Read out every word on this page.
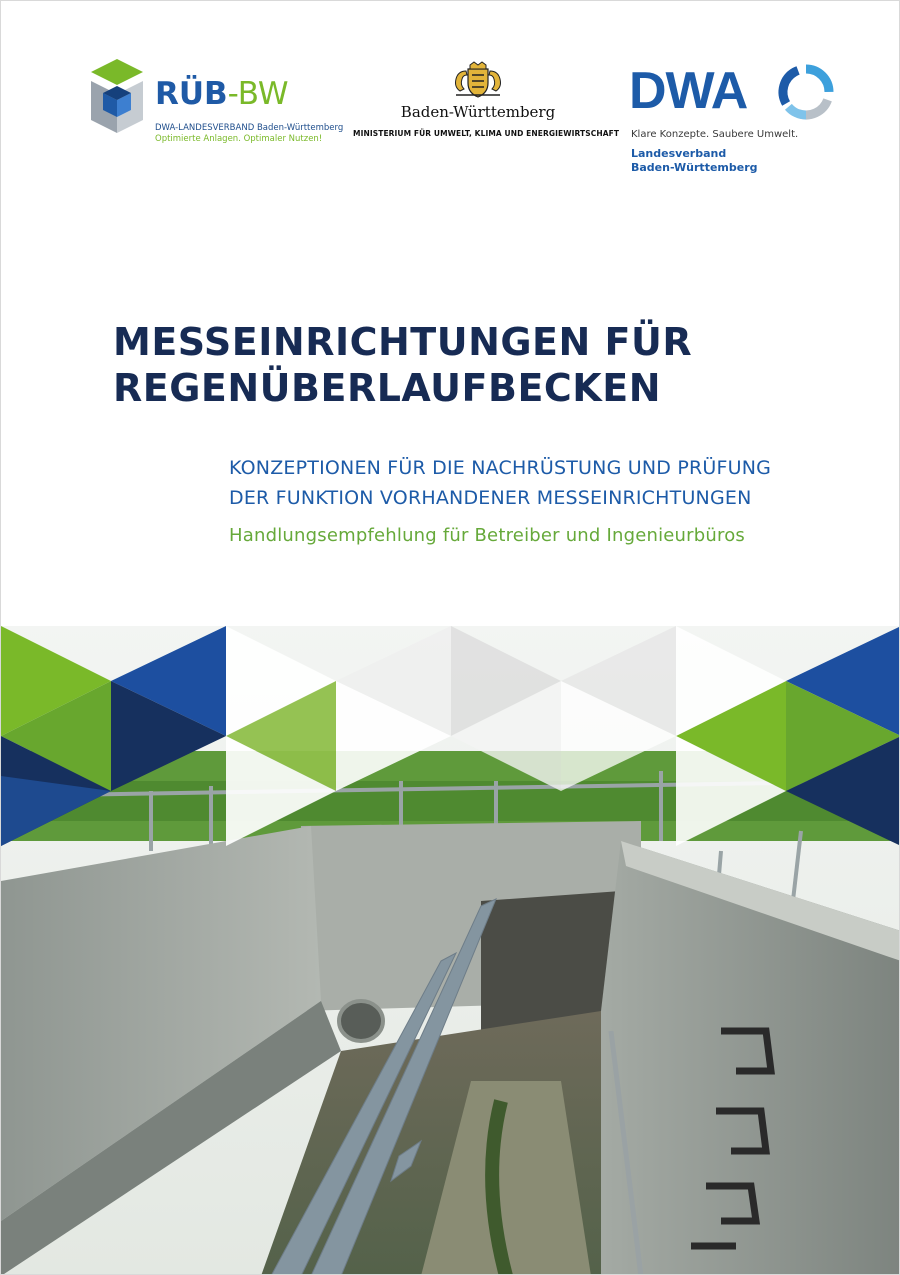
RÜB-BW
DWA-LANDESVERBAND Baden-Württemberg
Optimierte Anlagen. Optimaler Nutzen!
Baden-Württemberg
MINISTERIUM FÜR UMWELT, KLIMA UND ENERGIEWIRTSCHAFT
DWA
Klare Konzepte. Saubere Umwelt.
Landesverband
Baden-Württemberg
MESSEINRICHTUNGEN FÜR
REGENÜBERLAUFBECKEN
KONZEPTIONEN FÜR DIE NACHRÜSTUNG UND PRÜFUNG
DER FUNKTION VORHANDENER MESSEINRICHTUNGEN
Handlungsempfehlung für Betreiber und Ingenieurbüros
